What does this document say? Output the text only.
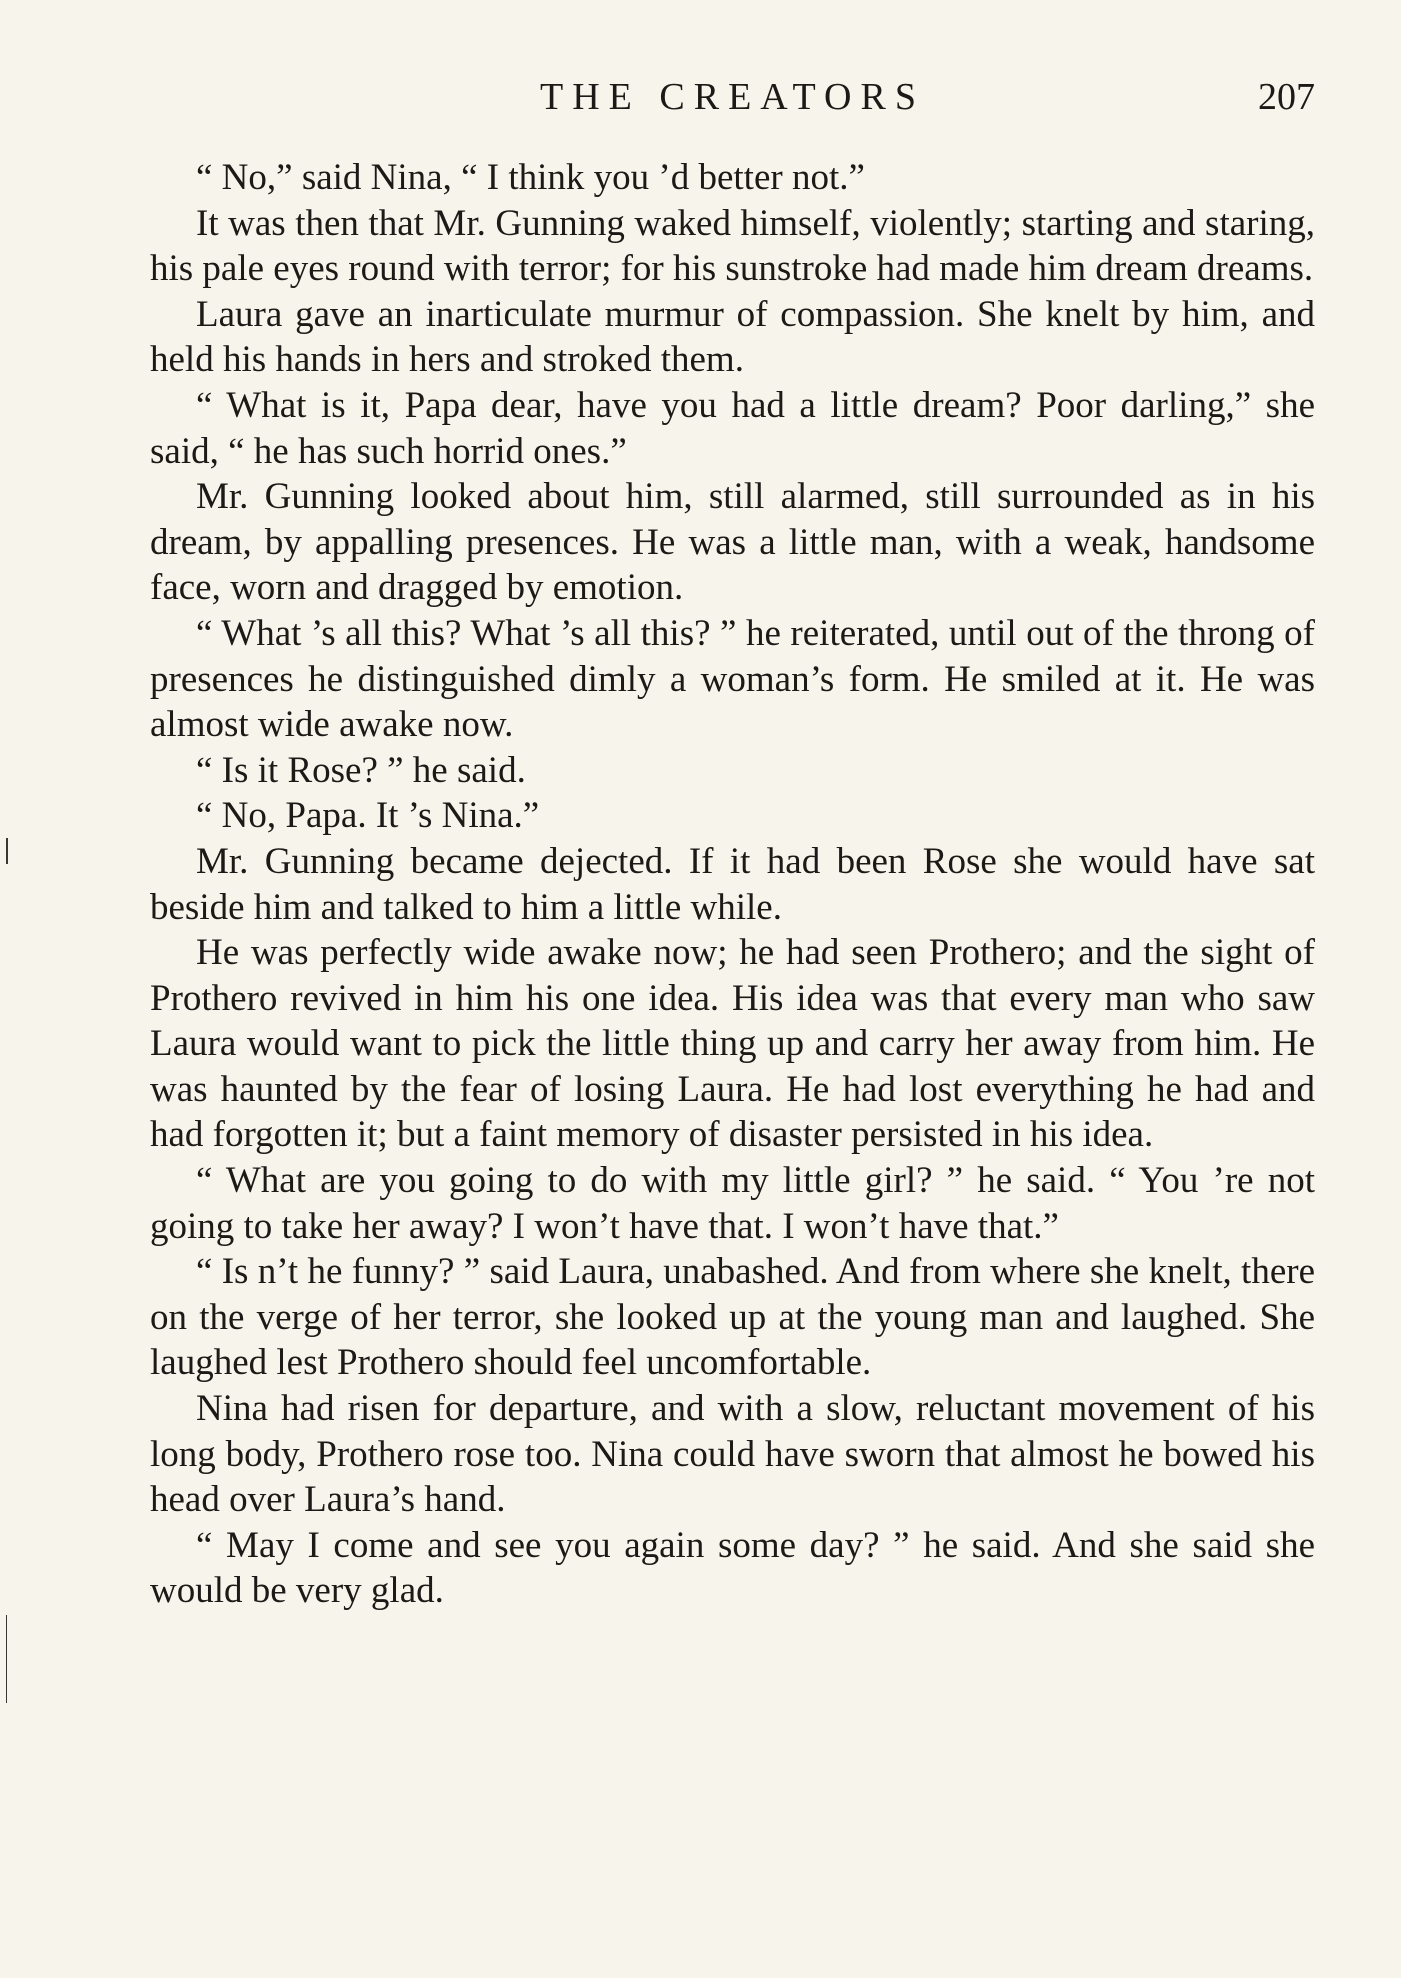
THE CREATORS	207

“ No,” said Nina, “ I think you ’d better not.”

It was then that Mr. Gunning waked himself, violently; starting and staring, his pale eyes round with terror; for his sunstroke had made him dream dreams.

Laura gave an inarticulate murmur of compassion. She knelt by him, and held his hands in hers and stroked them.

“ What is it, Papa dear, have you had a little dream? Poor darling,” she said, “ he has such horrid ones.”

Mr. Gunning looked about him, still alarmed, still surrounded as in his dream, by appalling presences. He was a little man, with a weak, handsome face, worn and dragged by emotion.

“ What ’s all this? What ’s all this? ” he reiterated, until out of the throng of presences he distinguished dimly a woman’s form. He smiled at it. He was almost wide awake now.

“ Is it Rose? ” he said.

“ No, Papa. It ’s Nina.”

Mr. Gunning became dejected. If it had been Rose she would have sat beside him and talked to him a little while.

He was perfectly wide awake now; he had seen Prothero; and the sight of Prothero revived in him his one idea. His idea was that every man who saw Laura would want to pick the little thing up and carry her away from him. He was haunted by the fear of losing Laura. He had lost everything he had and had forgotten it; but a faint memory of disaster persisted in his idea.

“ What are you going to do with my little girl? ” he said. “ You ’re not going to take her away? I won’t have that. I won’t have that.”

“ Is n’t he funny? ” said Laura, unabashed. And from where she knelt, there on the verge of her terror, she looked up at the young man and laughed. She laughed lest Prothero should feel uncomfortable.

Nina had risen for departure, and with a slow, reluctant movement of his long body, Prothero rose too. Nina could have sworn that almost he bowed his head over Laura’s hand.

“ May I come and see you again some day? ” he said. And she said she would be very glad.
